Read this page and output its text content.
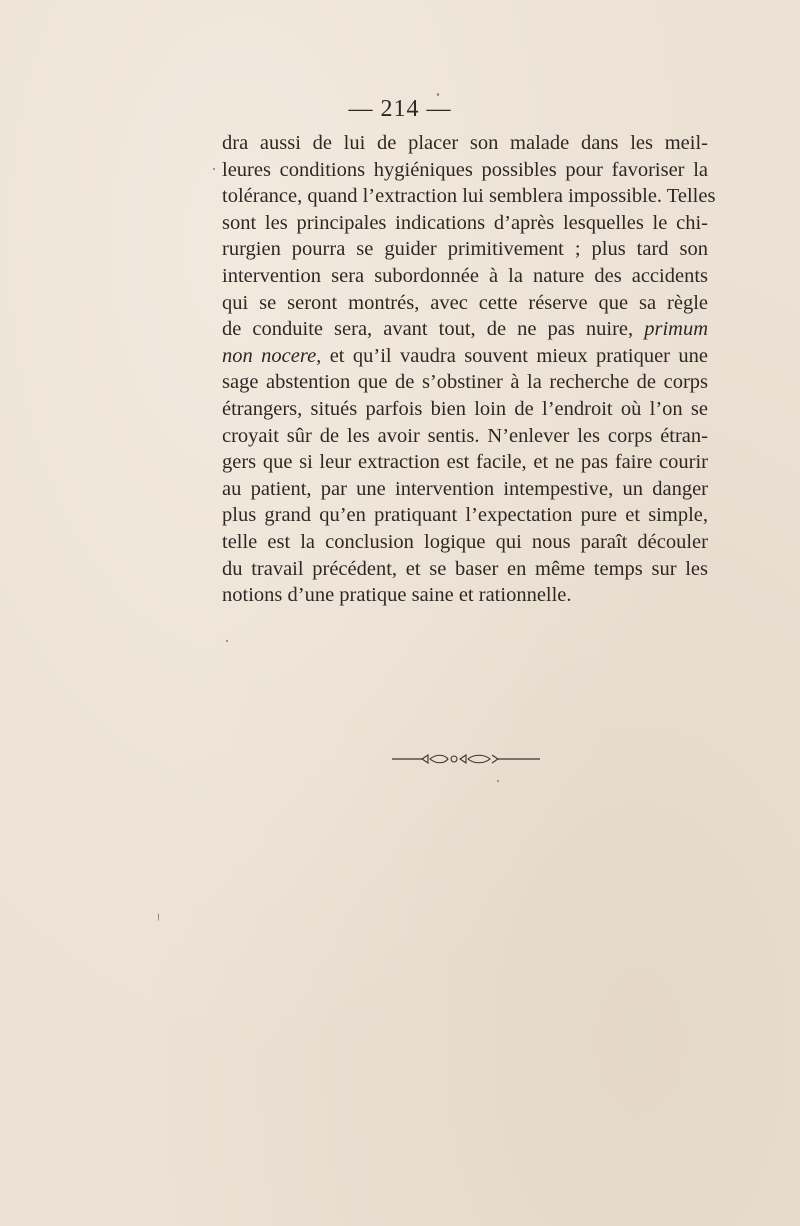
— 214 —
dra aussi de lui de placer son malade dans les meil-
leures conditions hygiéniques possibles pour favoriser la
tolérance, quand l’extraction lui semblera impossible. Telles
sont les principales indications d’après lesquelles le chi-
rurgien pourra se guider primitivement ; plus tard son
intervention sera subordonnée à la nature des accidents
qui se seront montrés, avec cette réserve que sa règle
de conduite sera, avant tout, de ne pas nuire, primum
non nocere, et qu’il vaudra souvent mieux pratiquer une
sage abstention que de s’obstiner à la recherche de corps
étrangers, situés parfois bien loin de l’endroit où l’on se
croyait sûr de les avoir sentis. N’enlever les corps étran-
gers que si leur extraction est facile, et ne pas faire courir
au patient, par une intervention intempestive, un danger
plus grand qu’en pratiquant l’expectation pure et simple,
telle est la conclusion logique qui nous paraît découler
du travail précédent, et se baser en même temps sur les
notions d’une pratique saine et rationnelle.
